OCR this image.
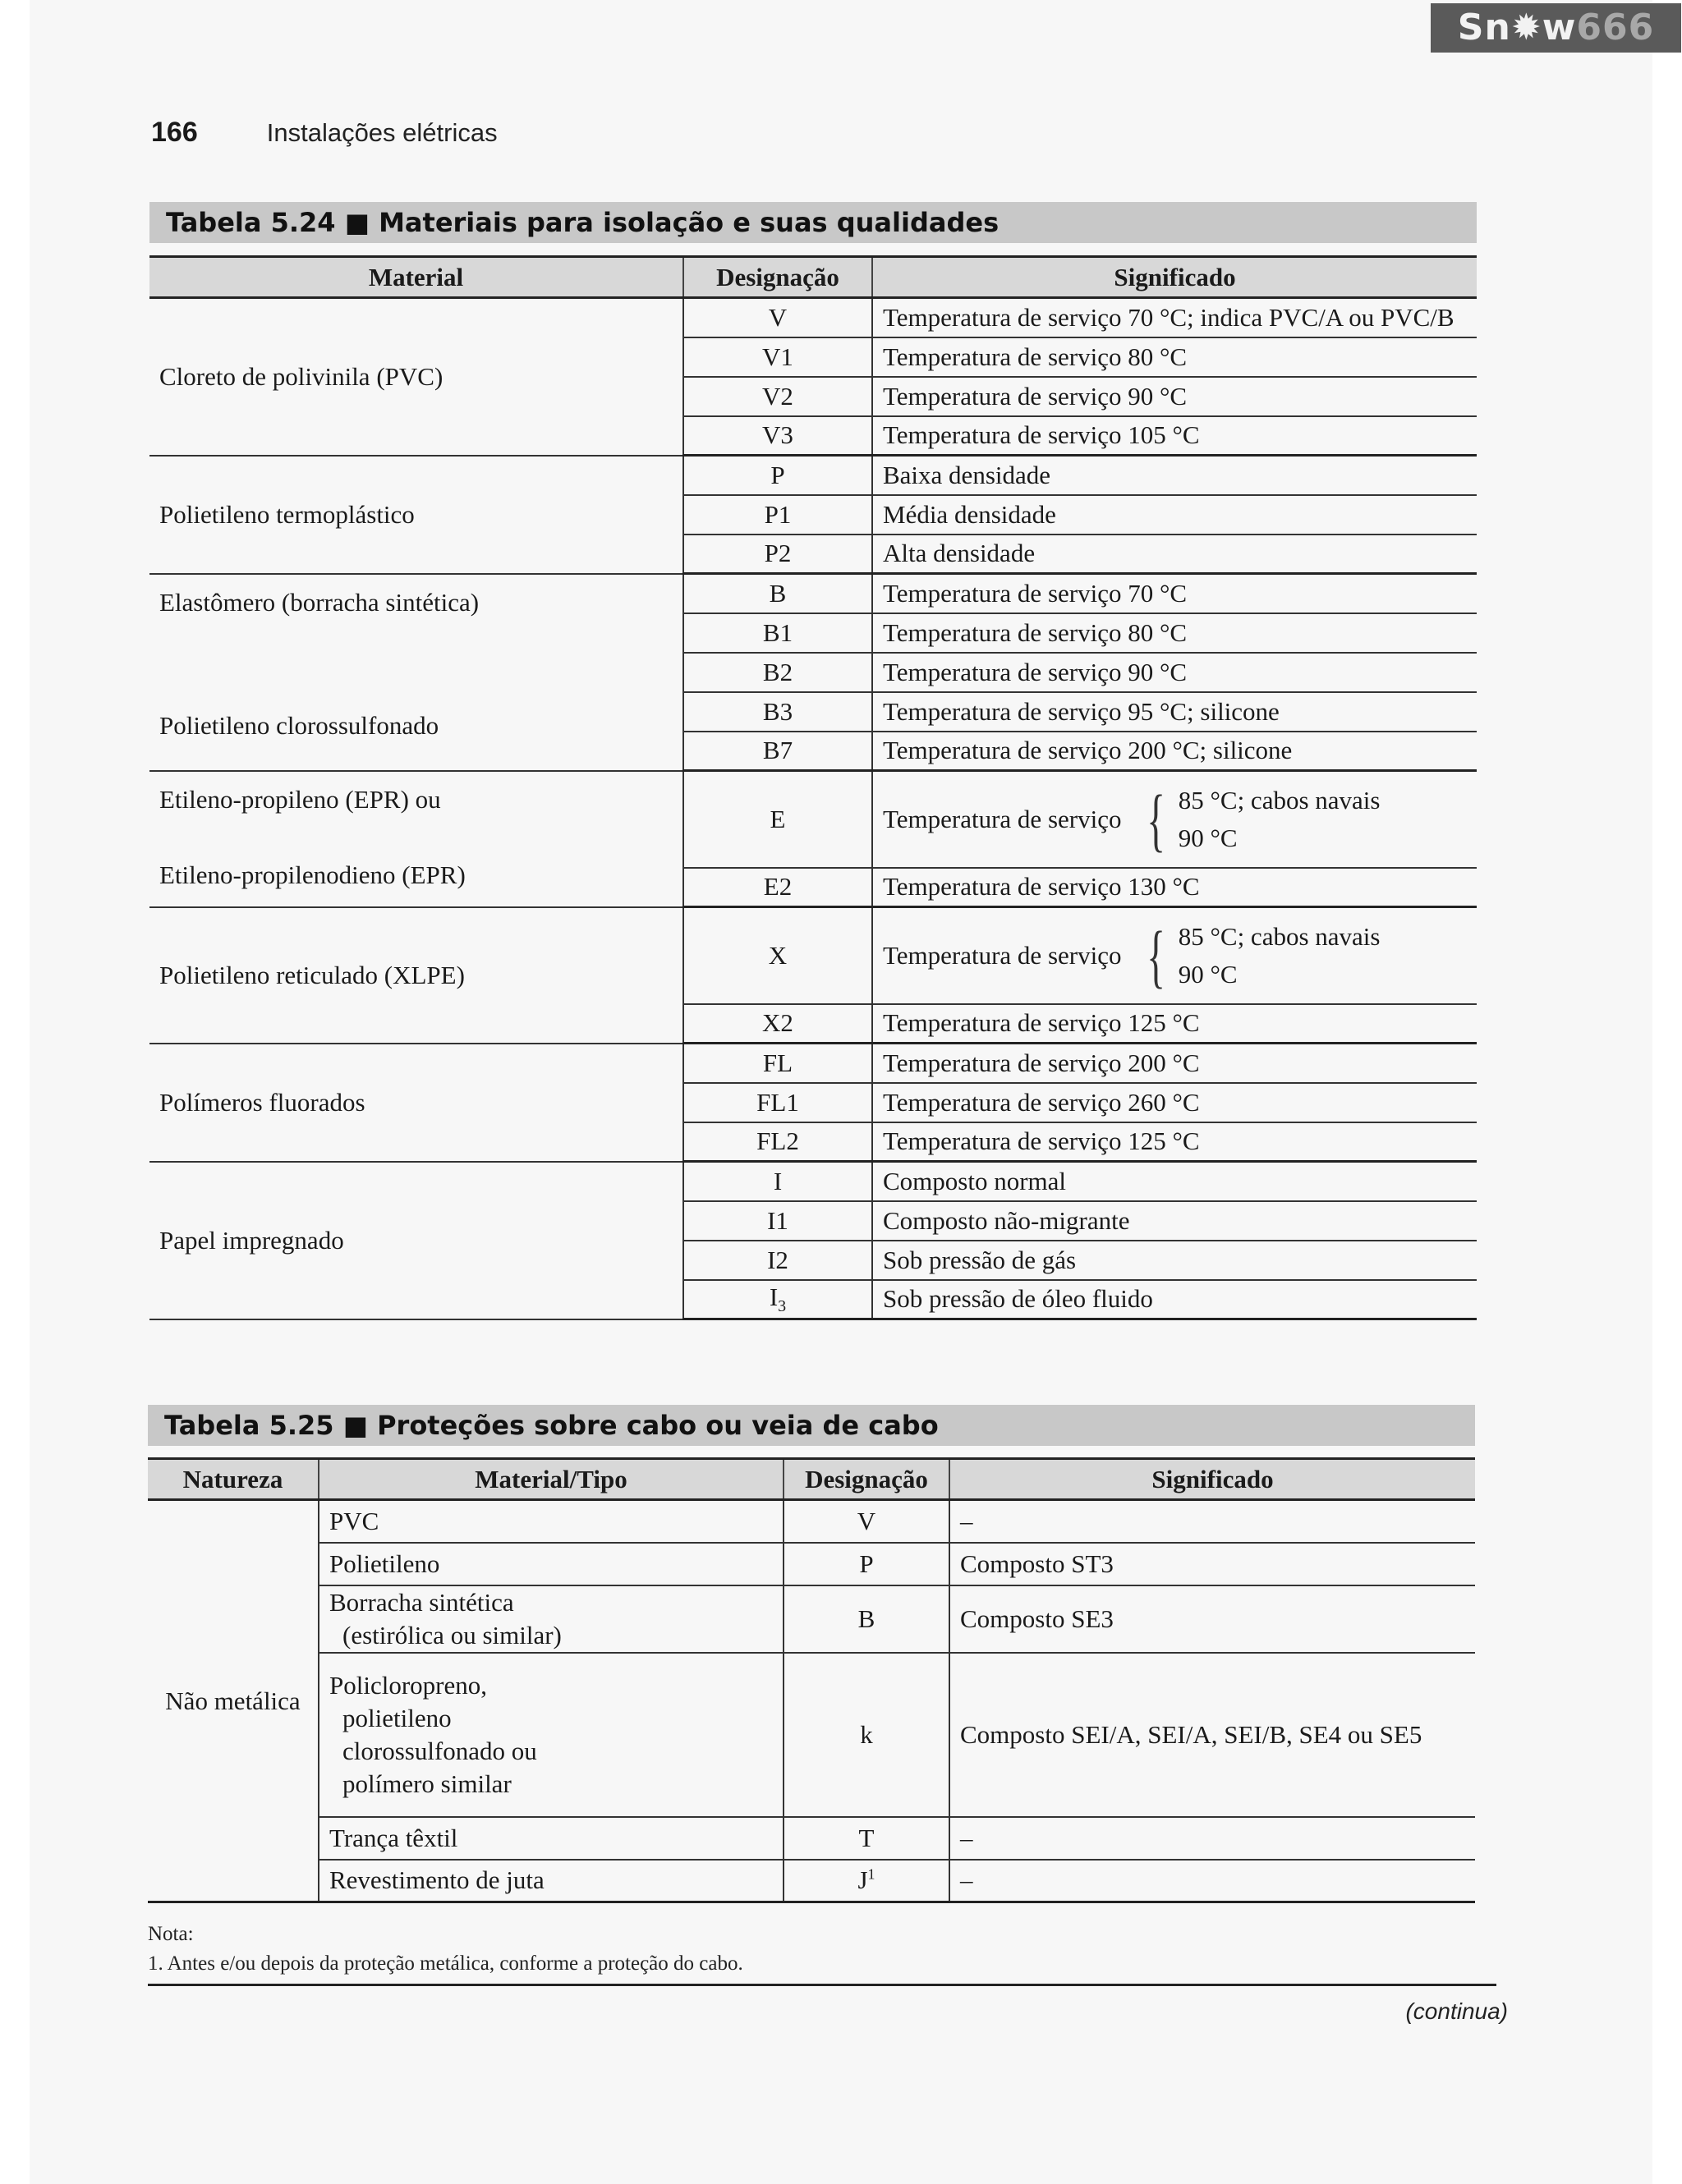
Sn✹w666
166	Instalações elétricas
Tabela 5.24 ■ Materiais para isolação e suas qualidades
Material	Designação	Significado
Cloreto de polivinila (PVC)	V	Temperatura de serviço 70 °C; indica PVC/A ou PVC/B
	V1	Temperatura de serviço 80 °C
	V2	Temperatura de serviço 90 °C
	V3	Temperatura de serviço 105 °C
Polietileno termoplástico	P	Baixa densidade
	P1	Média densidade
	P2	Alta densidade

Elastômero (borracha sintética)
Polietileno clorossulfonado	B	Temperatura de serviço 70 °C
	B1	Temperatura de serviço 80 °C
	B2	Temperatura de serviço 90 °C
	B3	Temperatura de serviço 95 °C; silicone
	B7	Temperatura de serviço 200 °C; silicone

Etileno-propileno (EPR) ou
Etileno-propilenodieno (EPR)	E	Temperatura de serviço { 85 °C; cabos navais
90 °C

	E2	Temperatura de serviço 130 °C
Polietileno reticulado (XLPE)	X	Temperatura de serviço { 85 °C; cabos navais
90 °C

	X2	Temperatura de serviço 125 °C
Polímeros fluorados	FL	Temperatura de serviço 200 °C
	FL1	Temperatura de serviço 260 °C
	FL2	Temperatura de serviço 125 °C
Papel impregnado	I	Composto normal
	I1	Composto não-migrante
	I2	Sob pressão de gás
	$I_3$	Sob pressão de óleo fluido
Tabela 5.25 ■ Proteções sobre cabo ou veia de cabo
Natureza	Material/Tipo	Designação	Significado
Não metálica	PVC	V	–

	Polietileno	P	Composto ST3

	Borracha sintética
(estirólica ou similar)	B	Composto SE3

	Policloropreno,
polietileno
clorossulfonado ou
polímero similar	k	Composto SEI/A, SEI/A, SEI/B, SE4 ou SE5

	Trança têxtil	T	–

	Revestimento de juta	$J^1$	–
Nota:
1. Antes e/ou depois da proteção metálica, conforme a proteção do cabo.
(continua)
